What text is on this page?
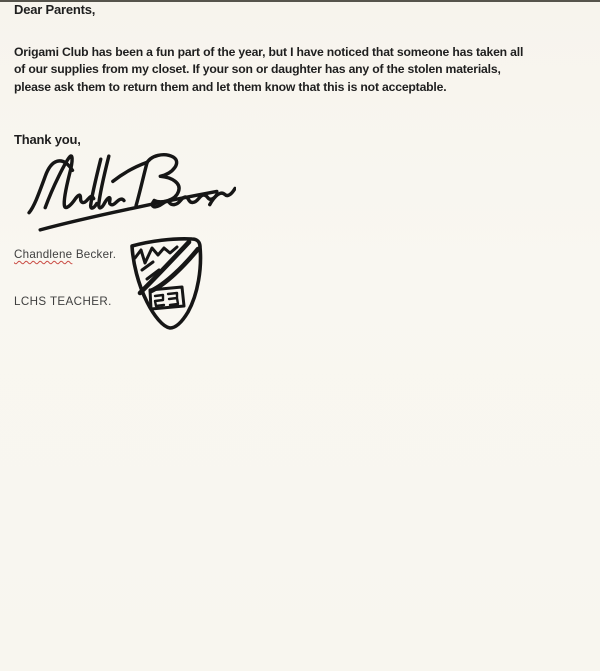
Dear Parents,
Origami Club has been a fun part of the year, but I have noticed that someone has taken all
of our supplies from my closet. If your son or daughter has any of the stolen materials,
please ask them to return them and let them know that this is not acceptable.
Thank you,
Chandlene Becker.
LCHS TEACHER.
